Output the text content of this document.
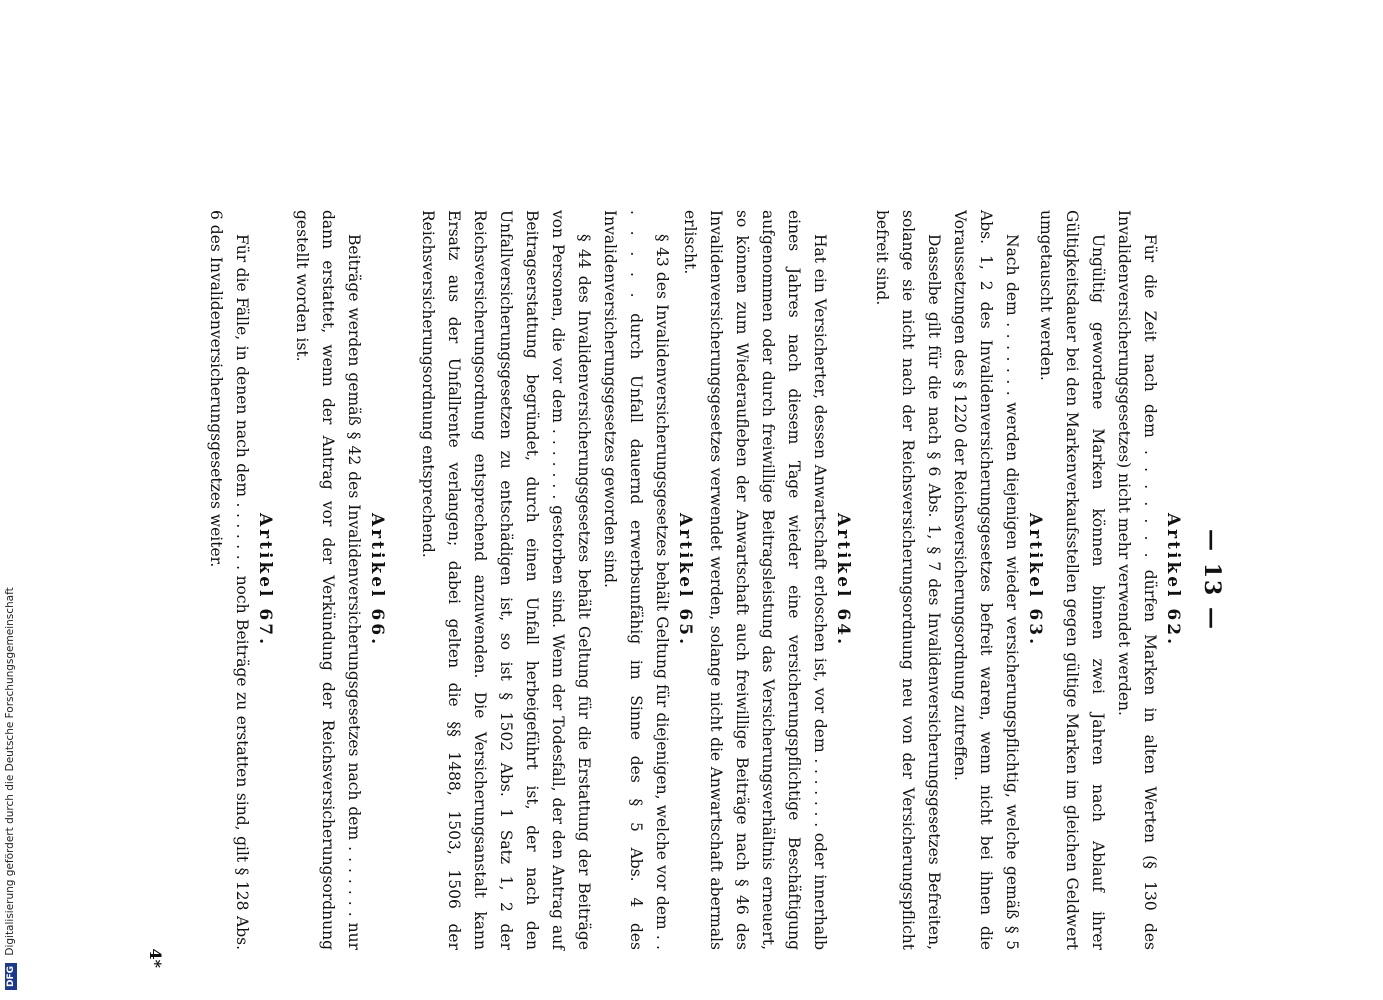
— 13 —

Artikel 62.

Für die Zeit nach dem . . . . . . . dürfen Marken in alten Werten (§ 130 des Invalidenversicherungsgesetzes) nicht mehr verwendet werden.

Ungültig gewordene Marken können binnen zwei Jahren nach Ablauf ihrer Gültigkeitsdauer bei den Markenverkaufsstellen gegen gültige Marken im gleichen Geldwert umgetauscht werden.

Artikel 63.

Nach dem . . . . . . . werden diejenigen wieder versicherungspflichtig, welche gemäß § 5 Abs. 1, 2 des Invalidenversicherungsgesetzes befreit waren, wenn nicht bei ihnen die Voraussetzungen des § 1220 der Reichsversicherungsordnung zutreffen.

Dasselbe gilt für die nach § 6 Abs. 1, § 7 des Invalidenversicherungsgesetzes Befreiten, solange sie nicht nach der Reichsversicherungsordnung neu von der Versicherungspflicht befreit sind.

Artikel 64.

Hat ein Versicherter, dessen Anwartschaft erloschen ist, vor dem . . . . . . . oder innerhalb eines Jahres nach diesem Tage wieder eine versicherungspflichtige Beschäftigung aufgenommen oder durch freiwillige Beitragsleistung das Versicherungsverhältnis erneuert, so können zum Wiederaufleben der Anwartschaft auch freiwillige Beiträge nach § 46 des Invalidenversicherungsgesetzes verwendet werden, solange nicht die Anwartschaft abermals erlischt.

Artikel 65.

§ 43 des Invalidenversicherungsgesetzes behält Geltung für diejenigen, welche vor dem . . . . . . . durch Unfall dauernd erwerbsunfähig im Sinne des § 5 Abs. 4 des Invalidenversicherungsgesetzes geworden sind.

§ 44 des Invalidenversicherungsgesetzes behält Geltung für die Erstattung der Beiträge von Personen, die vor dem . . . . . . . gestorben sind. Wenn der Todesfall, der den Antrag auf Beitragserstattung begründet, durch einen Unfall herbeigeführt ist, der nach den Unfallversicherungsgesetzen zu entschädigen ist, so ist § 1502 Abs. 1 Satz 1, 2 der Reichsversicherungsordnung entsprechend anzuwenden. Die Versicherungsanstalt kann Ersatz aus der Unfallrente verlangen; dabei gelten die §§ 1488, 1503, 1506 der Reichsversicherungsordnung entsprechend.

Artikel 66.

Beiträge werden gemäß § 42 des Invalidenversicherungsgesetzes nach dem . . . . . . . nur dann erstattet, wenn der Antrag vor der Verkündung der Reichsversicherungsordnung gestellt worden ist.

Artikel 67.

Für die Fälle, in denen nach dem . . . . . . . noch Beiträge zu erstatten sind, gilt § 128 Abs. 6 des Invalidenversicherungsgesetzes weiter.

4*
DFG Digitalisierung gefördert durch die Deutsche Forschungsgemeinschaft
